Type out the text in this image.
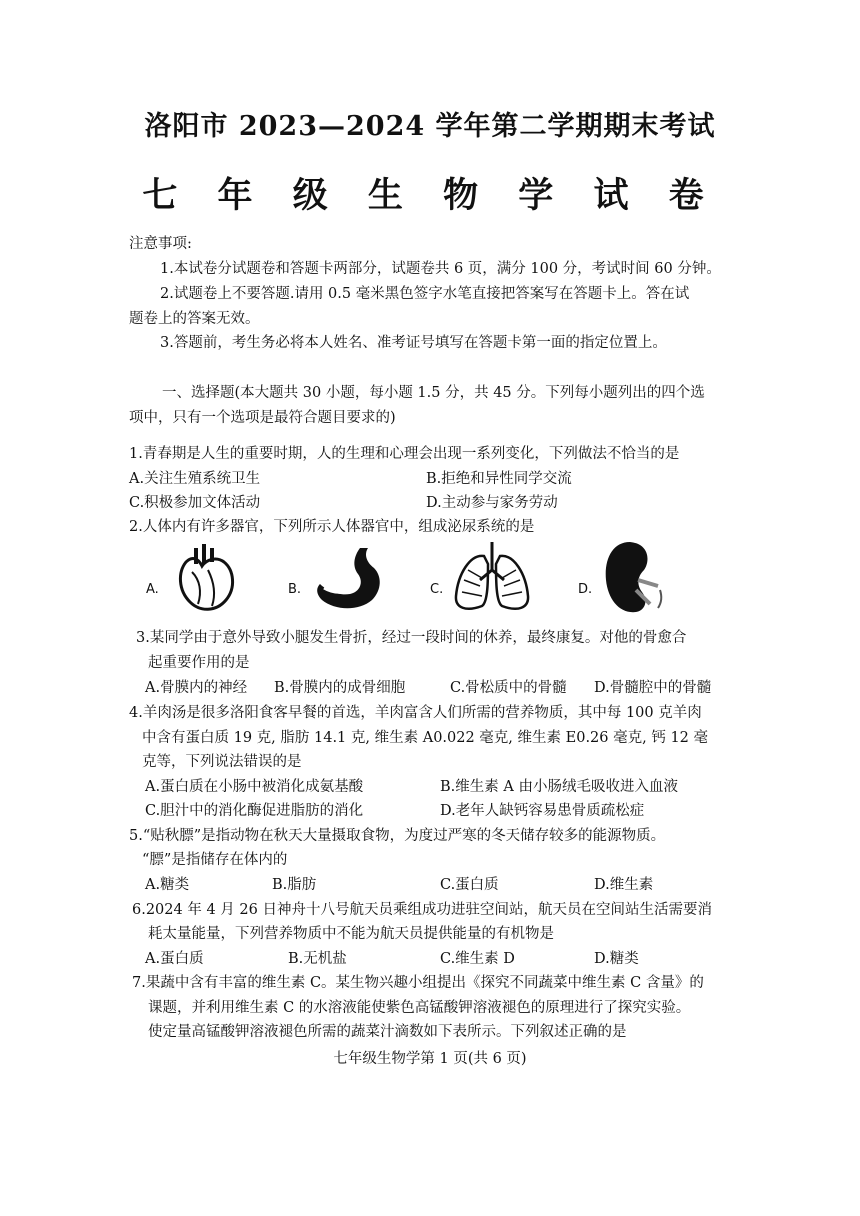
洛阳市 2023—2024 学年第二学期期末考试
七 年 级 生 物 学 试 卷
注意事项:
1.本试卷分试题卷和答题卡两部分，试题卷共 6 页，满分 100 分，考试时间 60 分钟。
2.试题卷上不要答题.请用 0.5 毫米黑色签字水笔直接把答案写在答题卡上。答在试
题卷上的答案无效。
3.答题前，考生务必将本人姓名、准考证号填写在答题卡第一面的指定位置上。
一、选择题(本大题共 30 小题，每小题 1.5 分，共 45 分。下列每小题列出的四个选
项中，只有一个选项是最符合题目要求的)
1.青春期是人生的重要时期，人的生理和心理会出现一系列变化，下列做法不恰当的是
A.关注生殖系统卫生	B.拒绝和异性同学交流
C.积极参加文体活动	D.主动参与家务劳动
2.人体内有许多器官，下列所示人体器官中，组成泌尿系统的是
A.	B.	C.	D.
3.某同学由于意外导致小腿发生骨折，经过一段时间的休养，最终康复。对他的骨愈合
起重要作用的是
A.骨膜内的神经 B.骨膜内的成骨细胞	C.骨松质中的骨髓 D.骨髓腔中的骨髓
4.羊肉汤是很多洛阳食客早餐的首选，羊肉富含人们所需的营养物质，其中每 100 克羊肉
中含有蛋白质 19 克, 脂肪 14.1 克, 维生素 A0.022 毫克, 维生素 E0.26 毫克, 钙 12 毫
克等，下列说法错误的是
A.蛋白质在小肠中被消化成氨基酸	B.维生素 A 由小肠绒毛吸收进入血液
C.胆汁中的消化酶促进脂肪的消化	D.老年人缺钙容易患骨质疏松症
5.“贴秋膘”是指动物在秋天大量摄取食物，为度过严寒的冬天储存较多的能源物质。
“膘”是指储存在体内的
A.糖类	B.脂肪	C.蛋白质	D.维生素
6.2024 年 4 月 26 日神舟十八号航天员乘组成功进驻空间站，航天员在空间站生活需要消
耗太量能量，下列营养物质中不能为航天员提供能量的有机物是
A.蛋白质	B.无机盐	C.维生素 D	D.糖类
7.果蔬中含有丰富的维生素 C。某生物兴趣小组提出《探究不同蔬菜中维生素 C 含量》的
课题，并利用维生素 C 的水溶液能使紫色高锰酸钾溶液褪色的原理进行了探究实验。
使定量高锰酸钾溶液褪色所需的蔬菜汁滴数如下表所示。下列叙述正确的是
七年级生物学第 1 页(共 6 页)
